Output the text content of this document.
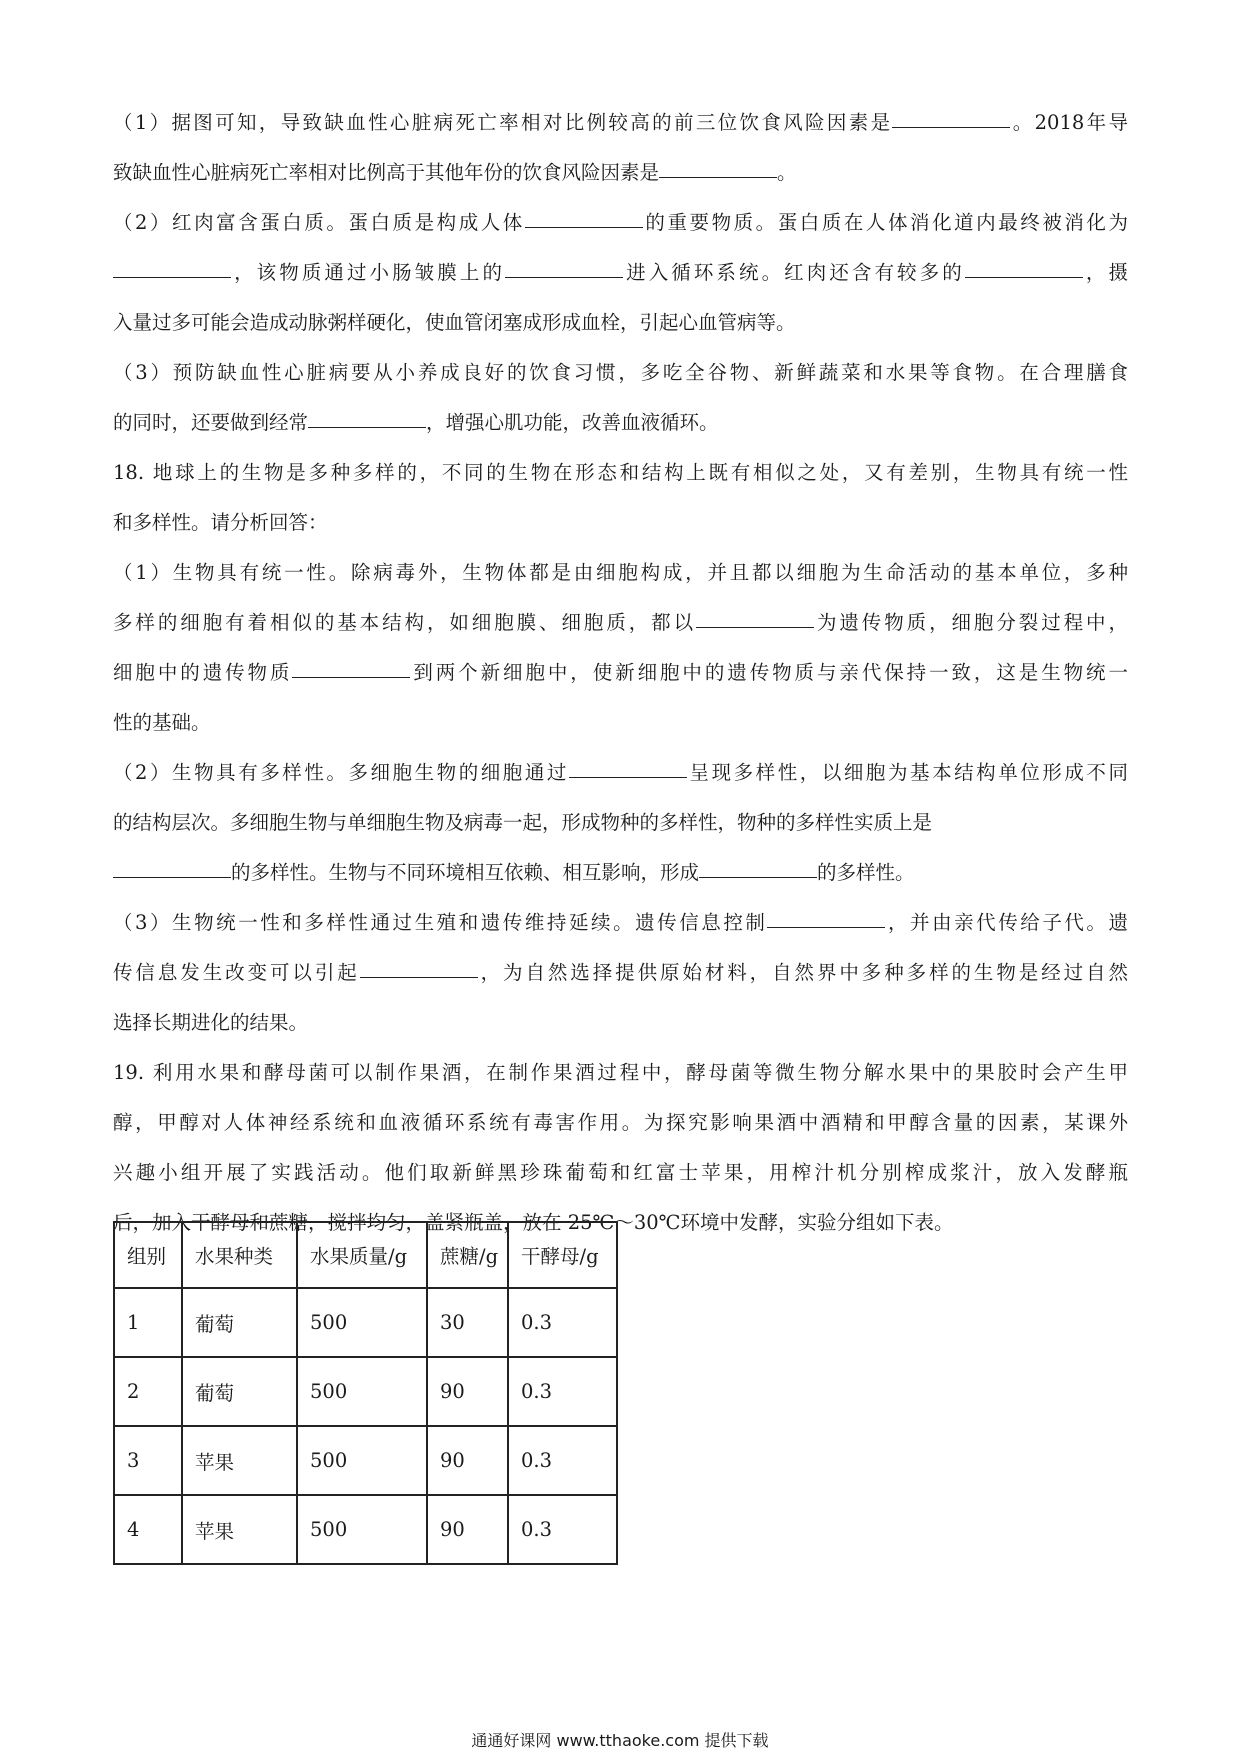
（1）据图可知，导致缺血性心脏病死亡率相对比例较高的前三位饮食风险因素是	。2018年导

致缺血性心脏病死亡率相对比例高于其他年份的饮食风险因素是	。

（2）红肉富含蛋白质。蛋白质是构成人体	的重要物质。蛋白质在人体消化道内最终被消化为

，该物质通过小肠皱膜上的	进入循环系统。红肉还含有较多的	，摄

入量过多可能会造成动脉粥样硬化，使血管闭塞成形成血栓，引起心血管病等。

（3）预防缺血性心脏病要从小养成良好的饮食习惯，多吃全谷物、新鲜蔬菜和水果等食物。在合理膳食

的同时，还要做到经常	，增强心肌功能，改善血液循环。

18. 地球上的生物是多种多样的，不同的生物在形态和结构上既有相似之处，又有差别，生物具有统一性

和多样性。请分析回答：

（1）生物具有统一性。除病毒外，生物体都是由细胞构成，并且都以细胞为生命活动的基本单位，多种

多样的细胞有着相似的基本结构，如细胞膜、细胞质，都以	为遗传物质，细胞分裂过程中，

细胞中的遗传物质	到两个新细胞中，使新细胞中的遗传物质与亲代保持一致，这是生物统一

性的基础。

（2）生物具有多样性。多细胞生物的细胞通过	呈现多样性，以细胞为基本结构单位形成不同

的结构层次。多细胞生物与单细胞生物及病毒一起，形成物种的多样性，物种的多样性实质上是

的多样性。生物与不同环境相互依赖、相互影响，形成	的多样性。

（3）生物统一性和多样性通过生殖和遗传维持延续。遗传信息控制	，并由亲代传给子代。遗

传信息发生改变可以引起	，为自然选择提供原始材料，自然界中多种多样的生物是经过自然

选择长期进化的结果。

19. 利用水果和酵母菌可以制作果酒，在制作果酒过程中，酵母菌等微生物分解水果中的果胶时会产生甲

醇，甲醇对人体神经系统和血液循环系统有毒害作用。为探究影响果酒中酒精和甲醇含量的因素，某课外

兴趣小组开展了实践活动。他们取新鲜黑珍珠葡萄和红富士苹果，用榨汁机分别榨成浆汁，放入发酵瓶

后，加入干酵母和蔗糖，搅拌均匀，盖紧瓶盖，放在 25℃～30℃环境中发酵，实验分组如下表。

组别	水果种类	水果质量/g	蔗糖/g	干酵母/g
1	葡萄	500	30	0.3
2	葡萄	500	90	0.3
3	苹果	500	90	0.3
4	苹果	500	90	0.3
通通好课网 www.tthaoke.com 提供下载
